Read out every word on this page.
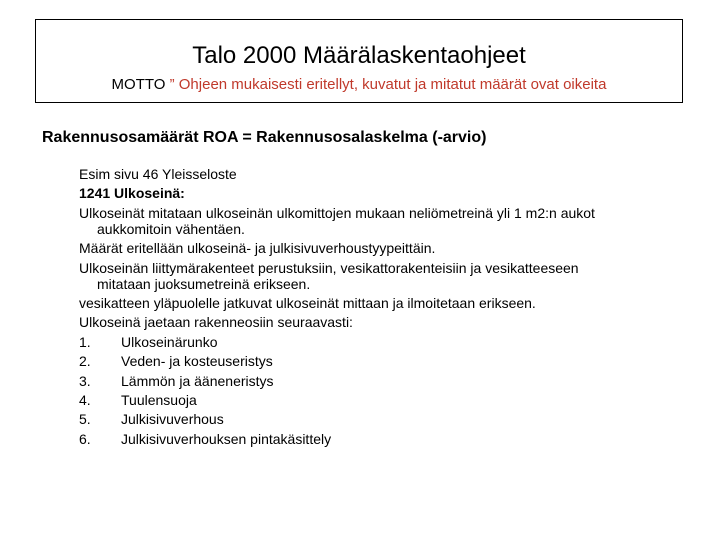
Talo 2000 Määrälaskentaohjeet
MOTTO ” Ohjeen mukaisesti eritellyt, kuvatut ja mitatut määrät ovat oikeita
Rakennusosamäärät ROA = Rakennusosalaskelma (-arvio)

Esim sivu 46 Yleisseloste

1241 Ulkoseinä:

Ulkoseinät mitataan ulkoseinän ulkomittojen mukaan neliömetreinä yli 1 m2:n aukot
aukkomitoin vähentäen.

Määrät eritellään ulkoseinä- ja julkisivuverhoustyypeittäin.

Ulkoseinän liittymärakenteet perustuksiin, vesikattorakenteisiin ja vesikatteeseen
mitataan juoksumetreinä erikseen.

vesikatteen yläpuolelle jatkuvat ulkoseinät mittaan ja ilmoitetaan erikseen.

Ulkoseinä jaetaan rakenneosiin seuraavasti:

1.	Ulkoseinärunko
2.	Veden- ja kosteuseristys
3.	Lämmön ja ääneneristys
4.	Tuulensuoja
5.	Julkisivuverhous
6.	Julkisivuverhouksen pintakäsittely
